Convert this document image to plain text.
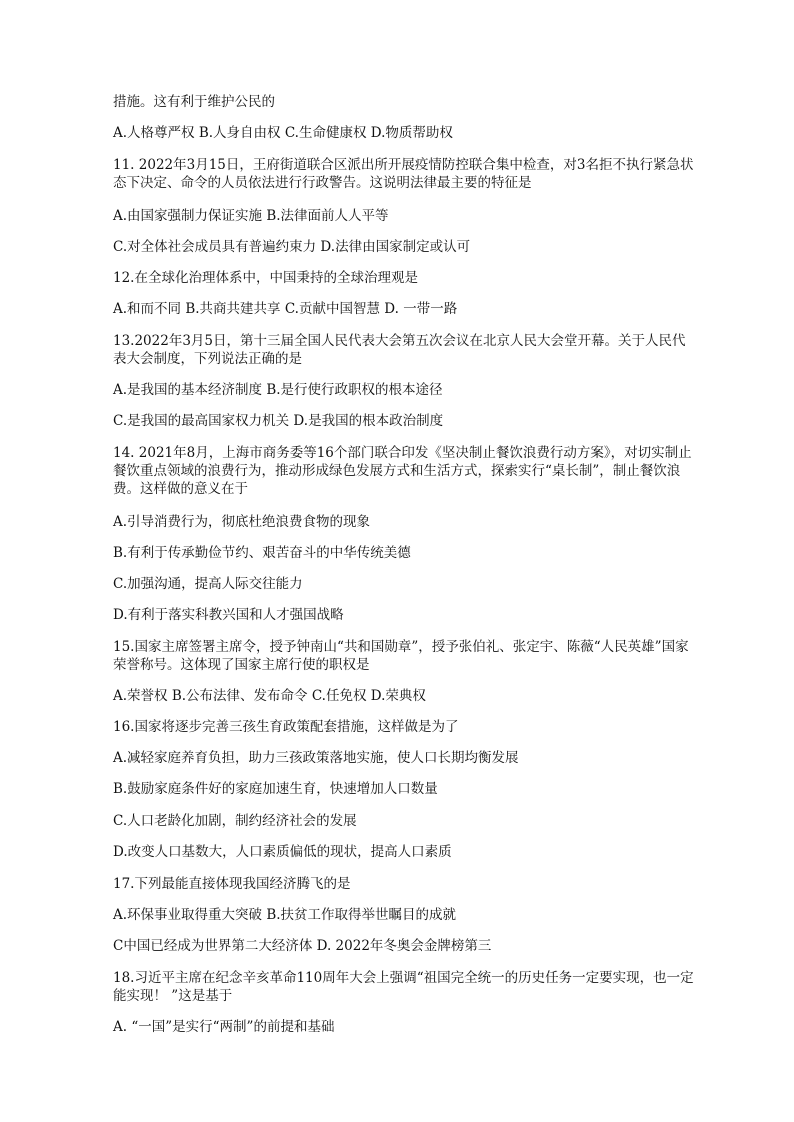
措施。这有利于维护公民的
A.人格尊严权 B.人身自由权 C.生命健康权 D.物质帮助权
11. 2022年3月15日，王府街道联合区派出所开展疫情防控联合集中检查，对3名拒不执行紧急状态下决定、命令的人员依法进行行政警告。这说明法律最主要的特征是
A.由国家强制力保证实施 B.法律面前人人平等
C.对全体社会成员具有普遍约束力 D.法律由国家制定或认可
12.在全球化治理体系中，中国秉持的全球治理观是
A.和而不同 B.共商共建共享 C.贡献中国智慧 D. 一带一路
13.2022年3月5日，第十三届全国人民代表大会第五次会议在北京人民大会堂开幕。关于人民代表大会制度，下列说法正确的是
A.是我国的基本经济制度 B.是行使行政职权的根本途径
C.是我国的最高国家权力机关 D.是我国的根本政治制度
14. 2021年8月，上海市商务委等16个部门联合印发《坚决制止餐饮浪费行动方案》，对切实制止餐饮重点领域的浪费行为，推动形成绿色发展方式和生活方式，探索实行“桌长制”，制止餐饮浪费。这样做的意义在于
A.引导消费行为，彻底杜绝浪费食物的现象
B.有利于传承勤俭节约、艰苦奋斗的中华传统美德
C.加强沟通，提高人际交往能力
D.有利于落实科教兴国和人才强国战略
15.国家主席签署主席令，授予钟南山“共和国勋章”，授予张伯礼、张定宇、陈薇“人民英雄”国家荣誉称号。这体现了国家主席行使的职权是
A.荣誉权 B.公布法律、发布命令 C.任免权 D.荣典权
16.国家将逐步完善三孩生育政策配套措施，这样做是为了
A.减轻家庭养育负担，助力三孩政策落地实施，使人口长期均衡发展
B.鼓励家庭条件好的家庭加速生育，快速增加人口数量
C.人口老龄化加剧，制约经济社会的发展
D.改变人口基数大，人口素质偏低的现状，提高人口素质
17.下列最能直接体现我国经济腾飞的是
A.环保事业取得重大突破 B.扶贫工作取得举世瞩目的成就
C中国已经成为世界第二大经济体 D. 2022年冬奥会金牌榜第三
18.习近平主席在纪念辛亥革命110周年大会上强调“祖国完全统一的历史任务一定要实现，也一定能实现！ ”这是基于
A. “一国”是实行“两制”的前提和基础
